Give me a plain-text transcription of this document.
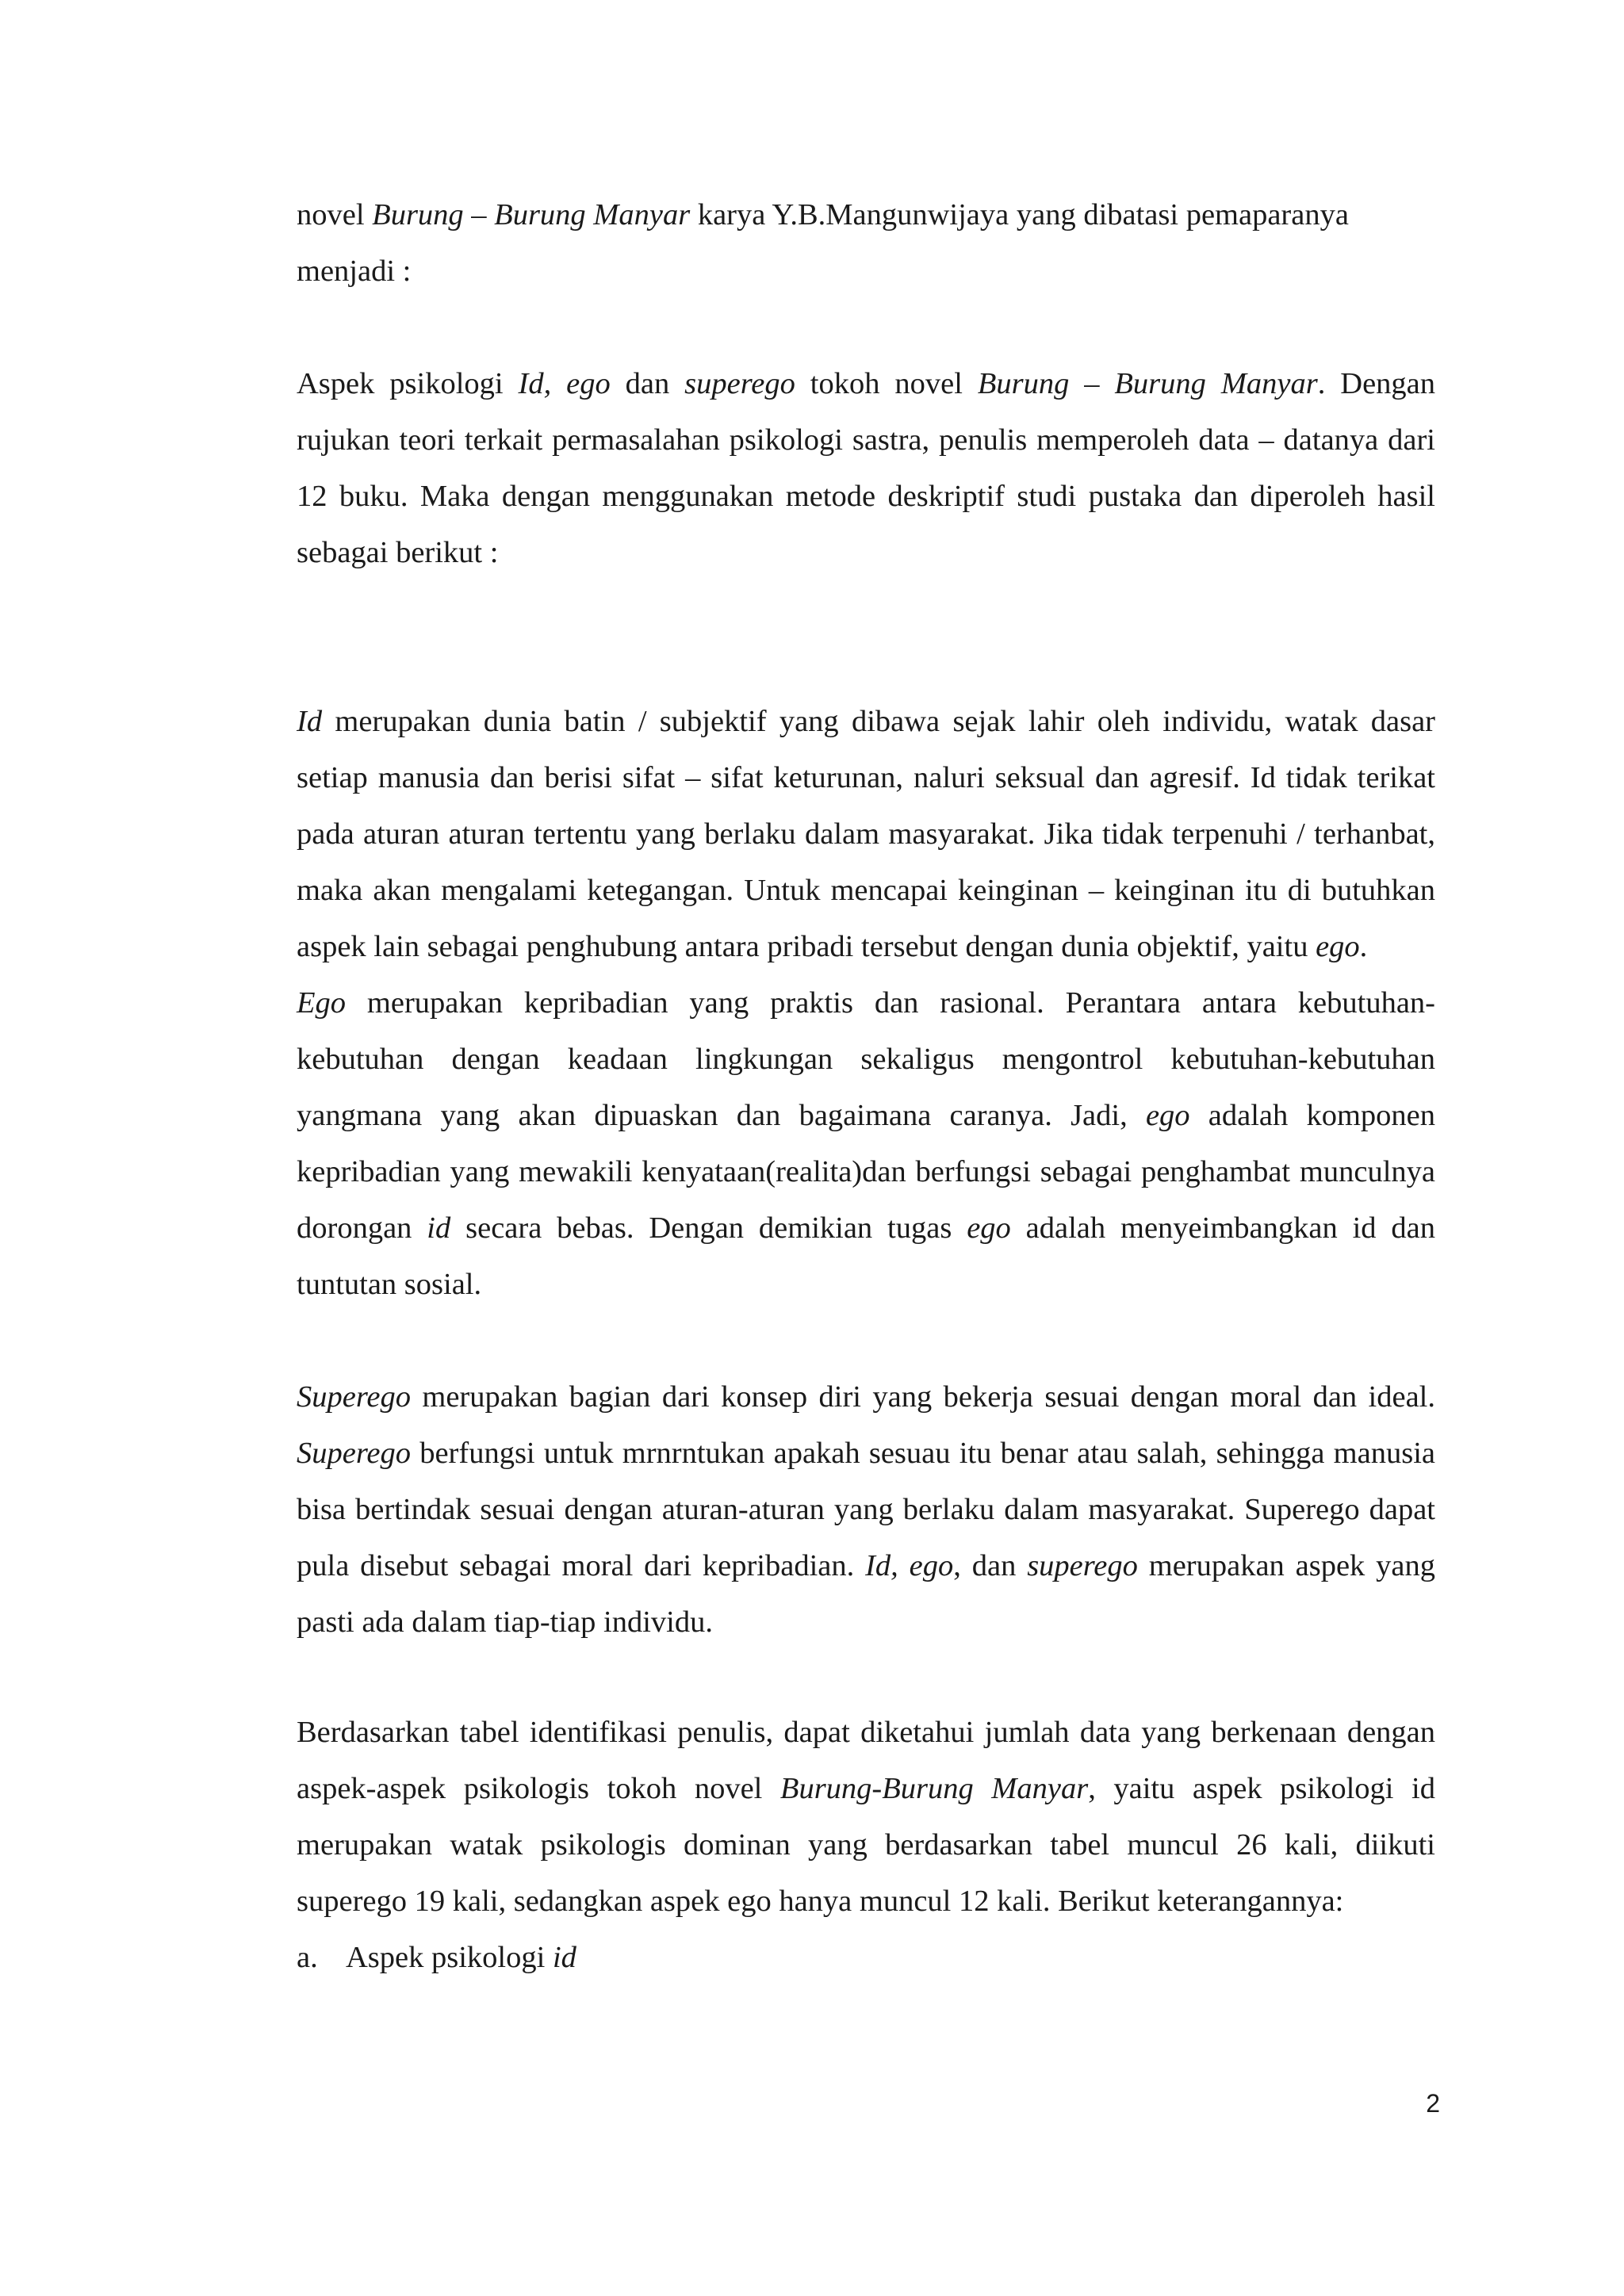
novel Burung – Burung Manyar karya Y.B.Mangunwijaya yang dibatasi pemaparanya menjadi :

Aspek psikologi Id, ego dan superego tokoh novel Burung – Burung Manyar. Dengan rujukan teori terkait permasalahan psikologi sastra, penulis memperoleh data – datanya dari 12 buku. Maka dengan menggunakan metode deskriptif studi pustaka dan diperoleh hasil sebagai berikut :

Id merupakan dunia batin / subjektif yang dibawa sejak lahir oleh individu, watak dasar setiap manusia dan berisi sifat – sifat keturunan, naluri seksual dan agresif. Id tidak terikat pada aturan aturan tertentu yang berlaku dalam masyarakat. Jika tidak terpenuhi / terhanbat, maka akan mengalami ketegangan. Untuk mencapai keinginan – keinginan itu di butuhkan aspek lain sebagai penghubung antara pribadi tersebut dengan dunia objektif, yaitu ego.

Ego merupakan kepribadian yang praktis dan rasional. Perantara antara kebutuhan-kebutuhan dengan keadaan lingkungan sekaligus mengontrol kebutuhan-kebutuhan yangmana yang akan dipuaskan dan bagaimana caranya. Jadi, ego adalah komponen kepribadian yang mewakili kenyataan(realita)dan berfungsi sebagai penghambat munculnya dorongan id secara bebas. Dengan demikian tugas ego adalah menyeimbangkan id dan tuntutan sosial.

Superego merupakan bagian dari konsep diri yang bekerja sesuai dengan moral dan ideal. Superego berfungsi untuk mrnrntukan apakah sesuau itu benar atau salah, sehingga manusia bisa bertindak sesuai dengan aturan-aturan yang berlaku dalam masyarakat. Superego dapat pula disebut sebagai moral dari kepribadian. Id, ego, dan superego merupakan aspek yang pasti ada dalam tiap-tiap individu.

Berdasarkan tabel identifikasi penulis, dapat diketahui jumlah data yang berkenaan dengan aspek-aspek psikologis tokoh novel Burung-Burung Manyar, yaitu aspek psikologi id merupakan watak psikologis dominan yang berdasarkan tabel muncul 26 kali, diikuti superego 19 kali, sedangkan aspek ego hanya muncul 12 kali. Berikut keterangannya:

a. Aspek psikologi id
2
